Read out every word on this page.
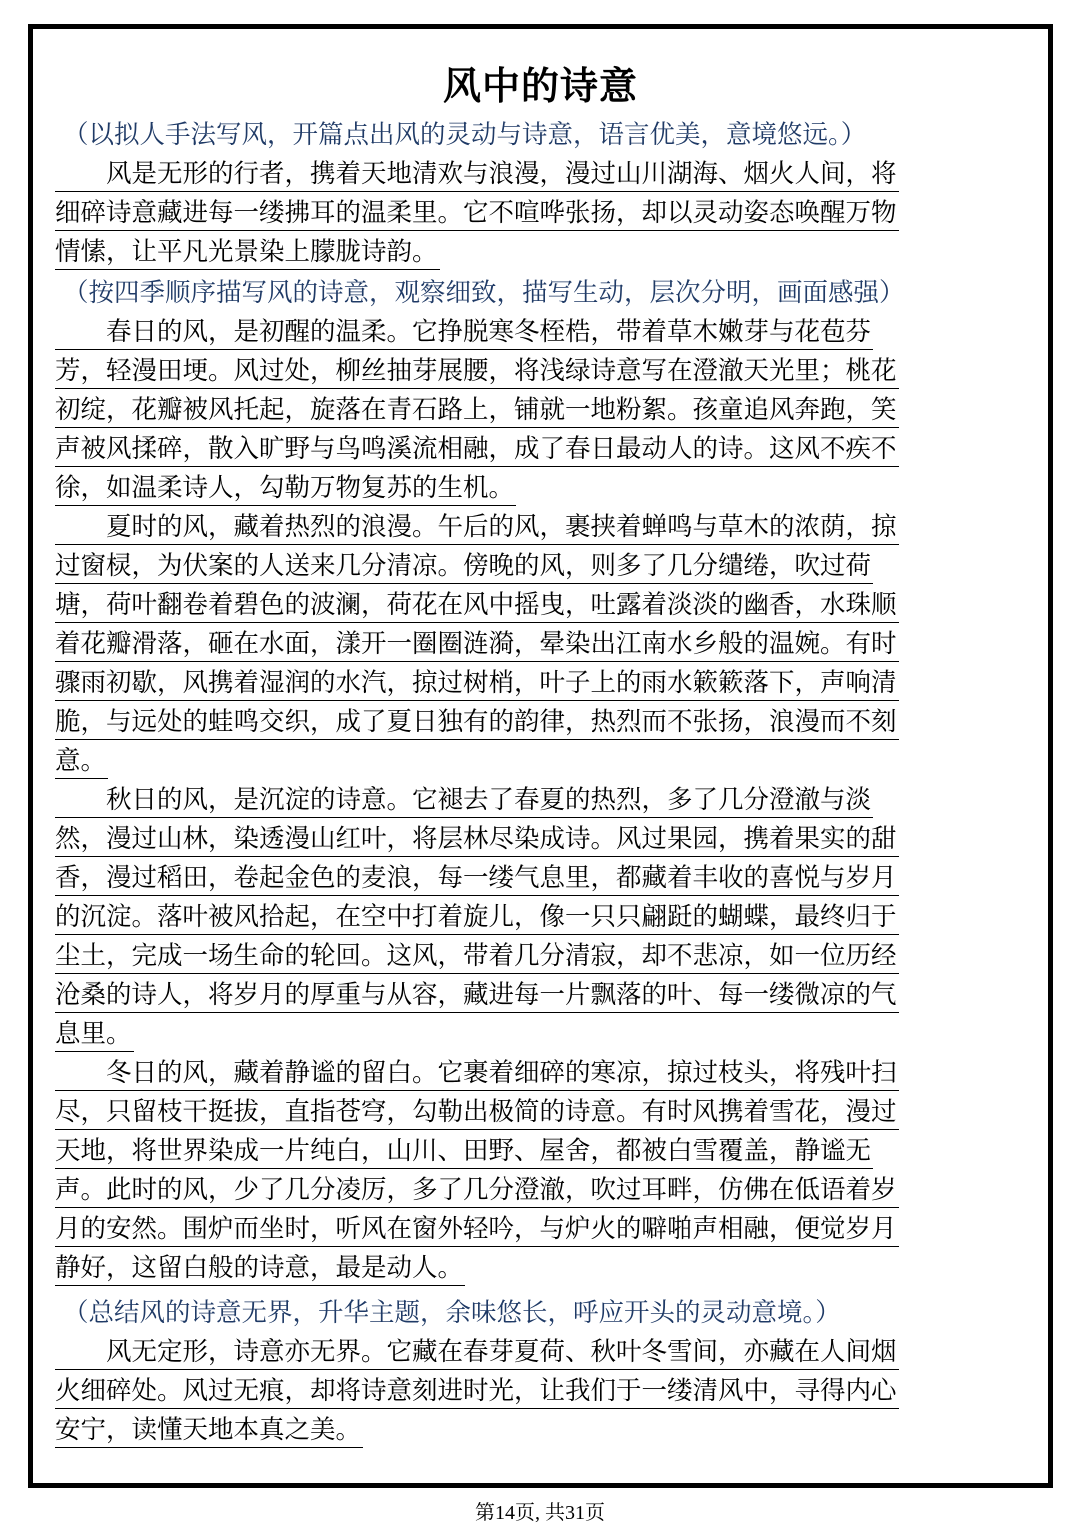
风中的诗意
（以拟人手法写风，开篇点出风的灵动与诗意，语言优美，意境悠远。）
　　风是无形的行者，携着天地清欢与浪漫，漫过山川湖海、烟火人间，将
细碎诗意藏进每一缕拂耳的温柔里。它不喧哗张扬，却以灵动姿态唤醒万物
情愫，让平凡光景染上朦胧诗韵。
（按四季顺序描写风的诗意，观察细致，描写生动，层次分明，画面感强）
　　春日的风，是初醒的温柔。它挣脱寒冬桎梏，带着草木嫩芽与花苞芬
芳，轻漫田埂。风过处，柳丝抽芽展腰，将浅绿诗意写在澄澈天光里；桃花
初绽，花瓣被风托起，旋落在青石路上，铺就一地粉絮。孩童追风奔跑，笑
声被风揉碎，散入旷野与鸟鸣溪流相融，成了春日最动人的诗。这风不疾不
徐，如温柔诗人，勾勒万物复苏的生机。
　　夏时的风，藏着热烈的浪漫。午后的风，裹挟着蝉鸣与草木的浓荫，掠
过窗棂，为伏案的人送来几分清凉。傍晚的风，则多了几分缱绻，吹过荷
塘，荷叶翻卷着碧色的波澜，荷花在风中摇曳，吐露着淡淡的幽香，水珠顺
着花瓣滑落，砸在水面，漾开一圈圈涟漪，晕染出江南水乡般的温婉。有时
骤雨初歇，风携着湿润的水汽，掠过树梢，叶子上的雨水簌簌落下，声响清
脆，与远处的蛙鸣交织，成了夏日独有的韵律，热烈而不张扬，浪漫而不刻
意。
　　秋日的风，是沉淀的诗意。它褪去了春夏的热烈，多了几分澄澈与淡
然，漫过山林，染透漫山红叶，将层林尽染成诗。风过果园，携着果实的甜
香，漫过稻田，卷起金色的麦浪，每一缕气息里，都藏着丰收的喜悦与岁月
的沉淀。落叶被风拾起，在空中打着旋儿，像一只只翩跹的蝴蝶，最终归于
尘土，完成一场生命的轮回。这风，带着几分清寂，却不悲凉，如一位历经
沧桑的诗人，将岁月的厚重与从容，藏进每一片飘落的叶、每一缕微凉的气
息里。
　　冬日的风，藏着静谧的留白。它裹着细碎的寒凉，掠过枝头，将残叶扫
尽，只留枝干挺拔，直指苍穹，勾勒出极简的诗意。有时风携着雪花，漫过
天地，将世界染成一片纯白，山川、田野、屋舍，都被白雪覆盖，静谧无
声。此时的风，少了几分凌厉，多了几分澄澈，吹过耳畔，仿佛在低语着岁
月的安然。围炉而坐时，听风在窗外轻吟，与炉火的噼啪声相融，便觉岁月
静好，这留白般的诗意，最是动人。
（总结风的诗意无界，升华主题，余味悠长，呼应开头的灵动意境。）
　　风无定形，诗意亦无界。它藏在春芽夏荷、秋叶冬雪间，亦藏在人间烟
火细碎处。风过无痕，却将诗意刻进时光，让我们于一缕清风中，寻得内心
安宁，读懂天地本真之美。
第14页, 共31页
